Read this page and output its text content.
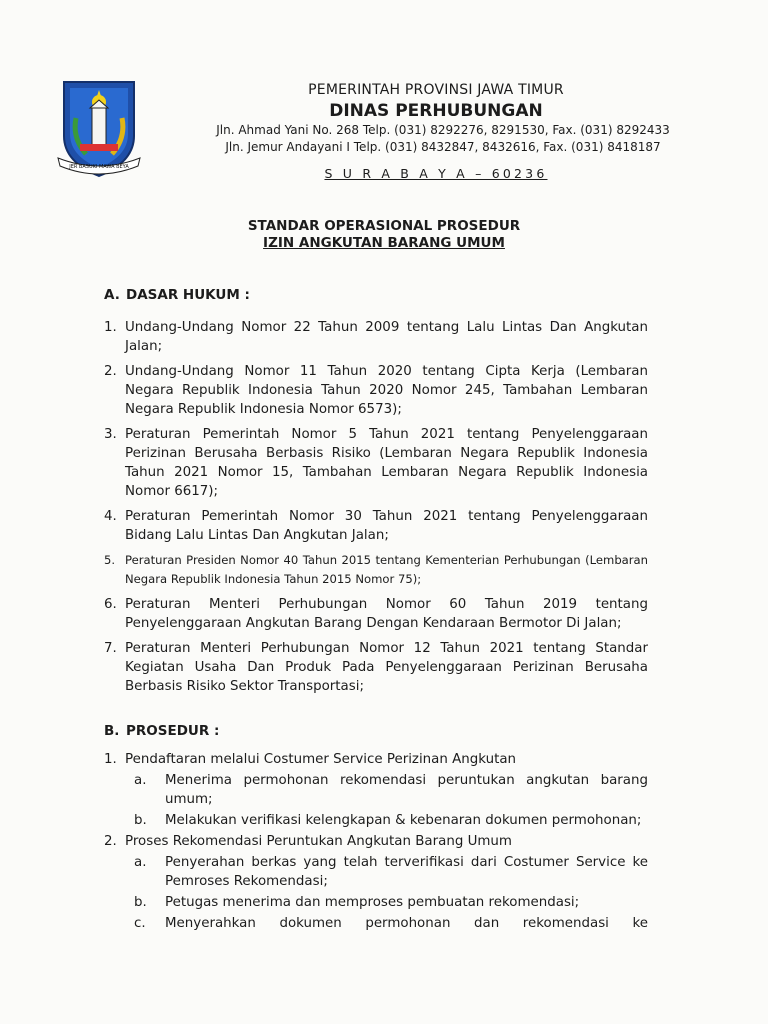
JER BASUKI MAWA BEYA

PEMERINTAH PROVINSI JAWA TIMUR

DINAS PERHUBUNGAN

Jln. Ahmad Yani No. 268 Telp. (031) 8292276, 8291530, Fax. (031) 8292433

Jln. Jemur Andayani I Telp. (031) 8432847, 8432616, Fax. (031) 8418187

S U R A B A Y A – 60236
STANDAR OPERASIONAL PROSEDUR
IZIN ANGKUTAN BARANG UMUM
A. DASAR HUKUM :
1. Undang-Undang Nomor 22 Tahun 2009 tentang Lalu Lintas Dan Angkutan Jalan;
2. Undang-Undang Nomor 11 Tahun 2020 tentang Cipta Kerja (Lembaran Negara Republik Indonesia Tahun 2020 Nomor 245, Tambahan Lembaran Negara Republik Indonesia Nomor 6573);
3. Peraturan Pemerintah Nomor 5 Tahun 2021 tentang Penyelenggaraan Perizinan Berusaha Berbasis Risiko (Lembaran Negara Republik Indonesia Tahun 2021 Nomor 15, Tambahan Lembaran Negara Republik Indonesia Nomor 6617);
4. Peraturan Pemerintah Nomor 30 Tahun 2021 tentang Penyelenggaraan Bidang Lalu Lintas Dan Angkutan Jalan;
5. Peraturan Presiden Nomor 40 Tahun 2015 tentang Kementerian Perhubungan (Lembaran Negara Republik Indonesia Tahun 2015 Nomor 75);
6. Peraturan Menteri Perhubungan Nomor 60 Tahun 2019 tentang Penyelenggaraan Angkutan Barang Dengan Kendaraan Bermotor Di Jalan;
7. Peraturan Menteri Perhubungan Nomor 12 Tahun 2021 tentang Standar Kegiatan Usaha Dan Produk Pada Penyelenggaraan Perizinan Berusaha Berbasis Risiko Sektor Transportasi;
B. PROSEDUR :
1. Pendaftaran melalui Costumer Service Perizinan Angkutan
a. Menerima permohonan rekomendasi peruntukan angkutan barang umum;
b. Melakukan verifikasi kelengkapan & kebenaran dokumen permohonan;
2. Proses Rekomendasi Peruntukan Angkutan Barang Umum
a. Penyerahan berkas yang telah terverifikasi dari Costumer Service ke Pemroses Rekomendasi;
b. Petugas menerima dan memproses pembuatan rekomendasi;
c. Menyerahkan dokumen permohonan dan rekomendasi ke
